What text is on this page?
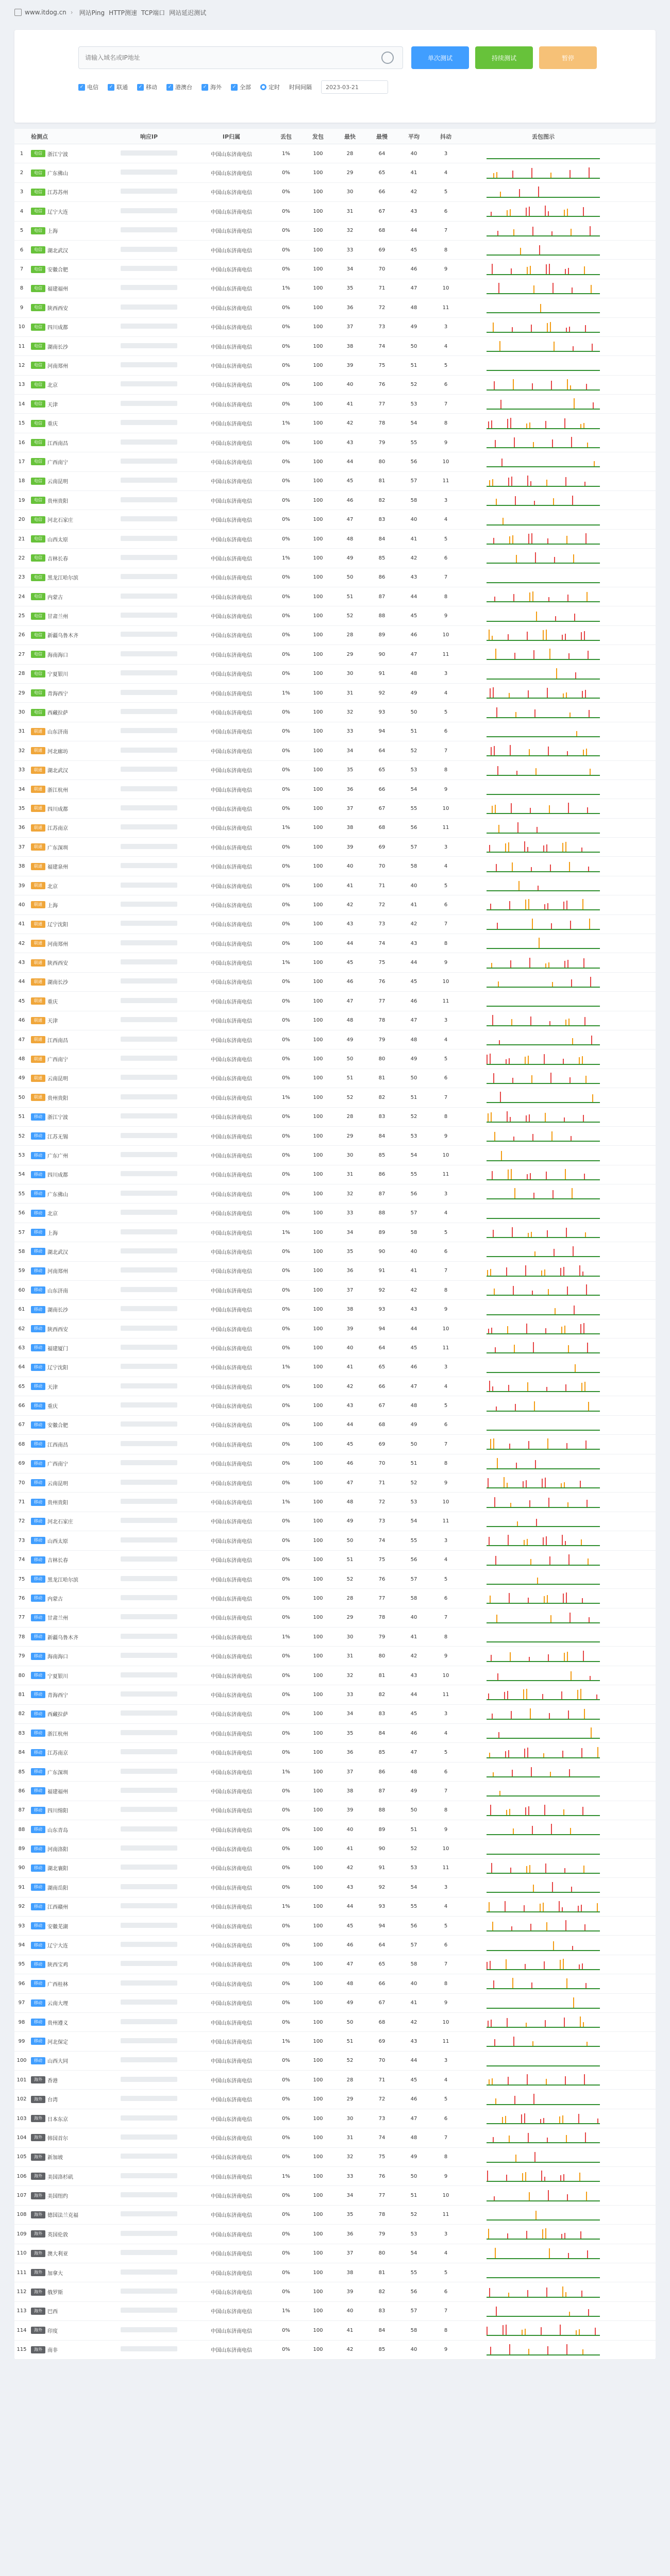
www.itdog.cn › 网站Ping HTTP测速 TCP端口 网站延迟测试
请输入域名或IP地址
单次测试	持续测试	暂停
✓ 电信	✓ 联通	✓ 移动	✓ 港澳台	✓ 海外	✓ 全部	定时 时间间隔	2023-03-21
检测点	响应IP	IP归属	丢包	发包	最快	最慢	平均	抖动	丢包图示
1	电信	浙江宁波	中国山东济南电信	1%	100	28	64	40	3
2	电信	广东佛山	中国山东济南电信	0%	100	29	65	41	4
3	电信	江苏苏州	中国山东济南电信	0%	100	30	66	42	5
4	电信	辽宁大连	中国山东济南电信	0%	100	31	67	43	6
5	电信	上海	中国山东济南电信	0%	100	32	68	44	7
6	电信	湖北武汉	中国山东济南电信	0%	100	33	69	45	8
7	电信	安徽合肥	中国山东济南电信	0%	100	34	70	46	9
8	电信	福建福州	中国山东济南电信	1%	100	35	71	47	10
9	电信	陕西西安	中国山东济南电信	0%	100	36	72	48	11
10	电信	四川成都	中国山东济南电信	0%	100	37	73	49	3
11	电信	湖南长沙	中国山东济南电信	0%	100	38	74	50	4
12	电信	河南郑州	中国山东济南电信	0%	100	39	75	51	5
13	电信	北京	中国山东济南电信	0%	100	40	76	52	6
14	电信	天津	中国山东济南电信	0%	100	41	77	53	7
15	电信	重庆	中国山东济南电信	1%	100	42	78	54	8
16	电信	江西南昌	中国山东济南电信	0%	100	43	79	55	9
17	电信	广西南宁	中国山东济南电信	0%	100	44	80	56	10
18	电信	云南昆明	中国山东济南电信	0%	100	45	81	57	11
19	电信	贵州贵阳	中国山东济南电信	0%	100	46	82	58	3
20	电信	河北石家庄	中国山东济南电信	0%	100	47	83	40	4
21	电信	山西太原	中国山东济南电信	0%	100	48	84	41	5
22	电信	吉林长春	中国山东济南电信	1%	100	49	85	42	6
23	电信	黑龙江哈尔滨	中国山东济南电信	0%	100	50	86	43	7
24	电信	内蒙古	中国山东济南电信	0%	100	51	87	44	8
25	电信	甘肃兰州	中国山东济南电信	0%	100	52	88	45	9
26	电信	新疆乌鲁木齐	中国山东济南电信	0%	100	28	89	46	10
27	电信	海南海口	中国山东济南电信	0%	100	29	90	47	11
28	电信	宁夏银川	中国山东济南电信	0%	100	30	91	48	3
29	电信	青海西宁	中国山东济南电信	1%	100	31	92	49	4
30	电信	西藏拉萨	中国山东济南电信	0%	100	32	93	50	5
31	联通	山东济南	中国山东济南电信	0%	100	33	94	51	6
32	联通	河北廊坊	中国山东济南电信	0%	100	34	64	52	7
33	联通	湖北武汉	中国山东济南电信	0%	100	35	65	53	8
34	联通	浙江杭州	中国山东济南电信	0%	100	36	66	54	9
35	联通	四川成都	中国山东济南电信	0%	100	37	67	55	10
36	联通	江苏南京	中国山东济南电信	1%	100	38	68	56	11
37	联通	广东深圳	中国山东济南电信	0%	100	39	69	57	3
38	联通	福建泉州	中国山东济南电信	0%	100	40	70	58	4
39	联通	北京	中国山东济南电信	0%	100	41	71	40	5
40	联通	上海	中国山东济南电信	0%	100	42	72	41	6
41	联通	辽宁沈阳	中国山东济南电信	0%	100	43	73	42	7
42	联通	河南郑州	中国山东济南电信	0%	100	44	74	43	8
43	联通	陕西西安	中国山东济南电信	1%	100	45	75	44	9
44	联通	湖南长沙	中国山东济南电信	0%	100	46	76	45	10
45	联通	重庆	中国山东济南电信	0%	100	47	77	46	11
46	联通	天津	中国山东济南电信	0%	100	48	78	47	3
47	联通	江西南昌	中国山东济南电信	0%	100	49	79	48	4
48	联通	广西南宁	中国山东济南电信	0%	100	50	80	49	5
49	联通	云南昆明	中国山东济南电信	0%	100	51	81	50	6
50	联通	贵州贵阳	中国山东济南电信	1%	100	52	82	51	7
51	移动	浙江宁波	中国山东济南电信	0%	100	28	83	52	8
52	移动	江苏无锡	中国山东济南电信	0%	100	29	84	53	9
53	移动	广东广州	中国山东济南电信	0%	100	30	85	54	10
54	移动	四川成都	中国山东济南电信	0%	100	31	86	55	11
55	移动	广东佛山	中国山东济南电信	0%	100	32	87	56	3
56	移动	北京	中国山东济南电信	0%	100	33	88	57	4
57	移动	上海	中国山东济南电信	1%	100	34	89	58	5
58	移动	湖北武汉	中国山东济南电信	0%	100	35	90	40	6
59	移动	河南郑州	中国山东济南电信	0%	100	36	91	41	7
60	移动	山东济南	中国山东济南电信	0%	100	37	92	42	8
61	移动	湖南长沙	中国山东济南电信	0%	100	38	93	43	9
62	移动	陕西西安	中国山东济南电信	0%	100	39	94	44	10
63	移动	福建厦门	中国山东济南电信	0%	100	40	64	45	11
64	移动	辽宁沈阳	中国山东济南电信	1%	100	41	65	46	3
65	移动	天津	中国山东济南电信	0%	100	42	66	47	4
66	移动	重庆	中国山东济南电信	0%	100	43	67	48	5
67	移动	安徽合肥	中国山东济南电信	0%	100	44	68	49	6
68	移动	江西南昌	中国山东济南电信	0%	100	45	69	50	7
69	移动	广西南宁	中国山东济南电信	0%	100	46	70	51	8
70	移动	云南昆明	中国山东济南电信	0%	100	47	71	52	9
71	移动	贵州贵阳	中国山东济南电信	1%	100	48	72	53	10
72	移动	河北石家庄	中国山东济南电信	0%	100	49	73	54	11
73	移动	山西太原	中国山东济南电信	0%	100	50	74	55	3
74	移动	吉林长春	中国山东济南电信	0%	100	51	75	56	4
75	移动	黑龙江哈尔滨	中国山东济南电信	0%	100	52	76	57	5
76	移动	内蒙古	中国山东济南电信	0%	100	28	77	58	6
77	移动	甘肃兰州	中国山东济南电信	0%	100	29	78	40	7
78	移动	新疆乌鲁木齐	中国山东济南电信	1%	100	30	79	41	8
79	移动	海南海口	中国山东济南电信	0%	100	31	80	42	9
80	移动	宁夏银川	中国山东济南电信	0%	100	32	81	43	10
81	移动	青海西宁	中国山东济南电信	0%	100	33	82	44	11
82	移动	西藏拉萨	中国山东济南电信	0%	100	34	83	45	3
83	移动	浙江杭州	中国山东济南电信	0%	100	35	84	46	4
84	移动	江苏南京	中国山东济南电信	0%	100	36	85	47	5
85	移动	广东深圳	中国山东济南电信	1%	100	37	86	48	6
86	移动	福建福州	中国山东济南电信	0%	100	38	87	49	7
87	移动	四川绵阳	中国山东济南电信	0%	100	39	88	50	8
88	移动	山东青岛	中国山东济南电信	0%	100	40	89	51	9
89	移动	河南洛阳	中国山东济南电信	0%	100	41	90	52	10
90	移动	湖北襄阳	中国山东济南电信	0%	100	42	91	53	11
91	移动	湖南岳阳	中国山东济南电信	0%	100	43	92	54	3
92	移动	江西赣州	中国山东济南电信	1%	100	44	93	55	4
93	移动	安徽芜湖	中国山东济南电信	0%	100	45	94	56	5
94	移动	辽宁大连	中国山东济南电信	0%	100	46	64	57	6
95	移动	陕西宝鸡	中国山东济南电信	0%	100	47	65	58	7
96	移动	广西桂林	中国山东济南电信	0%	100	48	66	40	8
97	移动	云南大理	中国山东济南电信	0%	100	49	67	41	9
98	移动	贵州遵义	中国山东济南电信	0%	100	50	68	42	10
99	移动	河北保定	中国山东济南电信	1%	100	51	69	43	11
100	移动	山西大同	中国山东济南电信	0%	100	52	70	44	3
101	海外	香港	中国山东济南电信	0%	100	28	71	45	4
102	海外	台湾	中国山东济南电信	0%	100	29	72	46	5
103	海外	日本东京	中国山东济南电信	0%	100	30	73	47	6
104	海外	韩国首尔	中国山东济南电信	0%	100	31	74	48	7
105	海外	新加坡	中国山东济南电信	0%	100	32	75	49	8
106	海外	美国洛杉矶	中国山东济南电信	1%	100	33	76	50	9
107	海外	美国纽约	中国山东济南电信	0%	100	34	77	51	10
108	海外	德国法兰克福	中国山东济南电信	0%	100	35	78	52	11
109	海外	英国伦敦	中国山东济南电信	0%	100	36	79	53	3
110	海外	澳大利亚	中国山东济南电信	0%	100	37	80	54	4
111	海外	加拿大	中国山东济南电信	0%	100	38	81	55	5
112	海外	俄罗斯	中国山东济南电信	0%	100	39	82	56	6
113	海外	巴西	中国山东济南电信	1%	100	40	83	57	7
114	海外	印度	中国山东济南电信	0%	100	41	84	58	8
115	海外	南非	中国山东济南电信	0%	100	42	85	40	9
